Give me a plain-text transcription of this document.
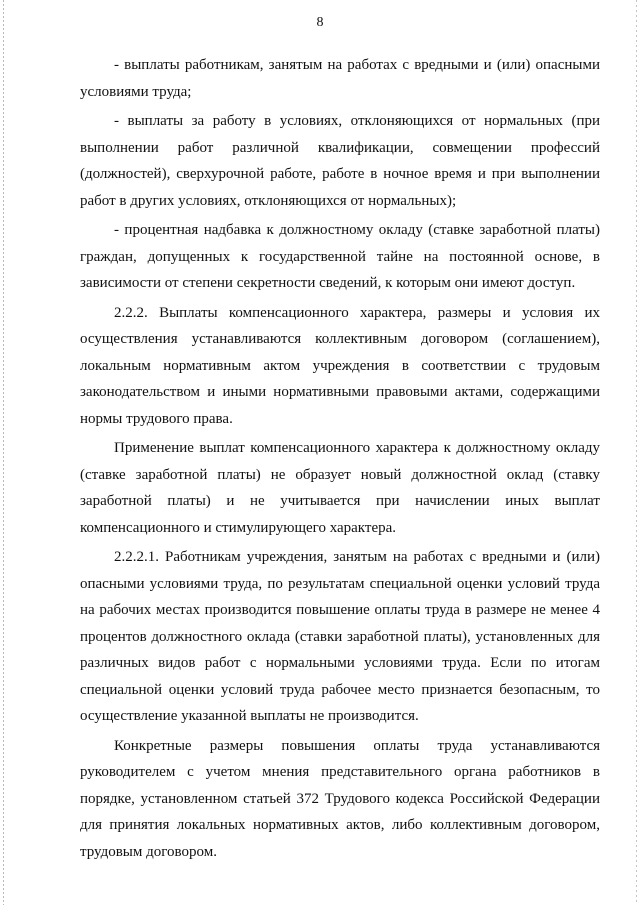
8

- выплаты работникам, занятым на работах с вредными и (или) опасными условиями труда;

- выплаты за работу в условиях, отклоняющихся от нормальных (при выполнении работ различной квалификации, совмещении профессий (должностей), сверхурочной работе, работе в ночное время и при выполнении работ в других условиях, отклоняющихся от нормальных);

- процентная надбавка к должностному окладу (ставке заработной платы) граждан, допущенных к государственной тайне на постоянной основе, в зависимости от степени секретности сведений, к которым они имеют доступ.

2.2.2. Выплаты компенсационного характера, размеры и условия их осуществления устанавливаются коллективным договором (соглашением), локальным нормативным актом учреждения в соответствии с трудовым законодательством и иными нормативными правовыми актами, содержащими нормы трудового права.

Применение выплат компенсационного характера к должностному окладу (ставке заработной платы) не образует новый должностной оклад (ставку заработной платы) и не учитывается при начислении иных выплат компенсационного и стимулирующего характера.

2.2.2.1. Работникам учреждения, занятым на работах с вредными и (или) опасными условиями труда, по результатам специальной оценки условий труда на рабочих местах производится повышение оплаты труда в размере не менее 4 процентов должностного оклада (ставки заработной платы), установленных для различных видов работ с нормальными условиями труда. Если по итогам специальной оценки условий труда рабочее место признается безопасным, то осуществление указанной выплаты не производится.

Конкретные размеры повышения оплаты труда устанавливаются руководителем с учетом мнения представительного органа работников в порядке, установленном статьей 372 Трудового кодекса Российской Федерации для принятия локальных нормативных актов, либо коллективным договором, трудовым договором.
